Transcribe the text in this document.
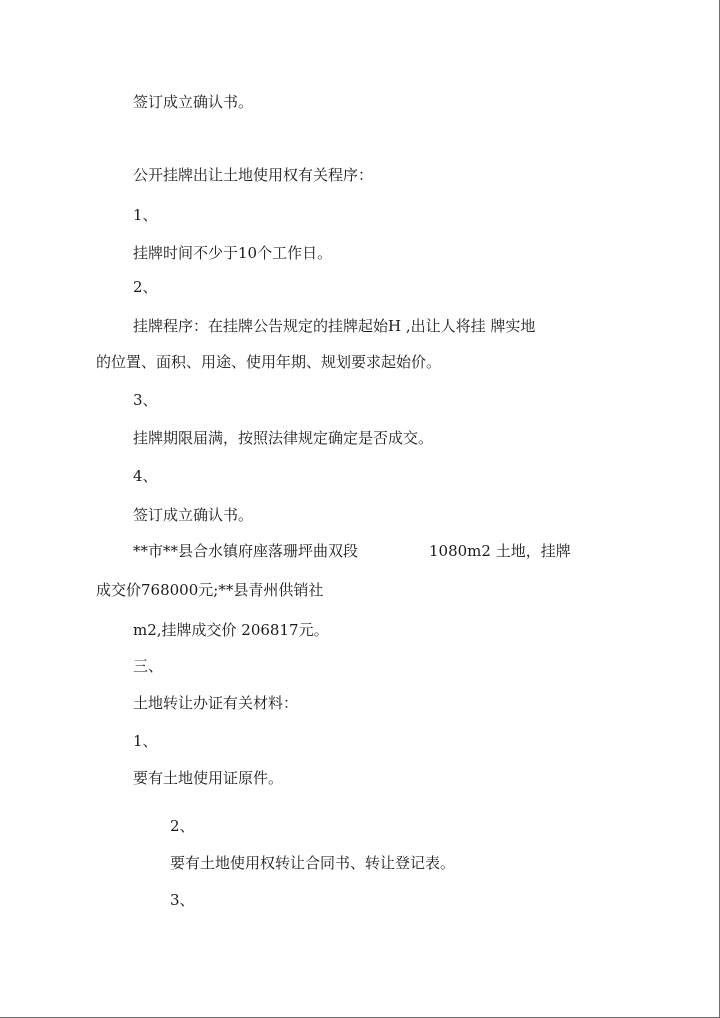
签订成立确认书。
公开挂牌出让土地使用权有关程序：
1、
挂牌时间不少于10个工作日。
2、
挂牌程序：在挂牌公告规定的挂牌起始H ,出让人将挂 牌实地
的位置、面积、用途、使用年期、规划要求起始价。
3、
挂牌期限届满，按照法律规定确定是否成交。
4、
签订成立确认书。
**市**县合水镇府座落珊坪曲双段	1080m2 土地，挂牌
成交价768000元;**县青州供销社
m2,挂牌成交价 206817元。
三、
土地转让办证有关材料：
1、
要有土地使用证原件。
2、
要有土地使用权转让合同书、转让登记表。
3、
